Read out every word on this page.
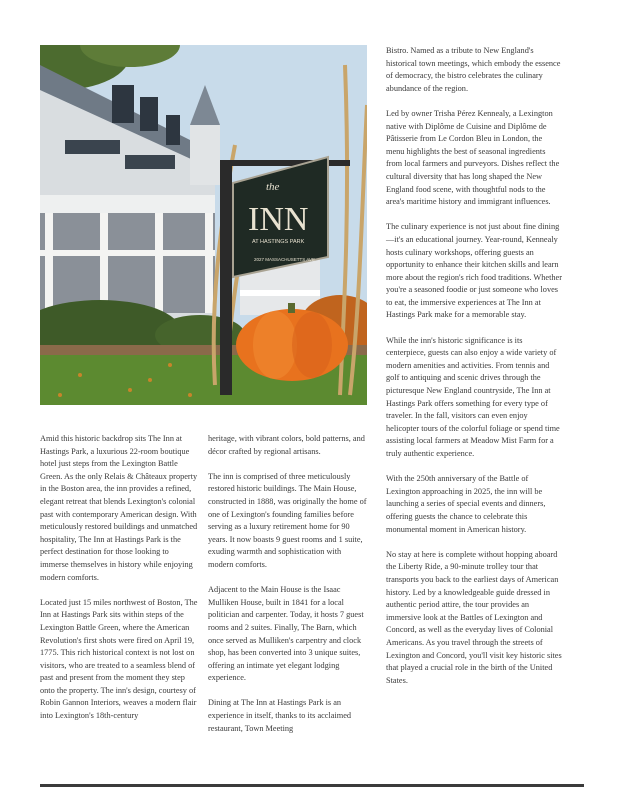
the
INN
AT HASTINGS PARK
2027 MASSACHUSETTS AVE

Amid this historic backdrop sits The Inn at Hastings Park, a luxurious 22-room boutique hotel just steps from the Lexington Battle Green. As the only Relais & Châteaux property in the Boston area, the inn provides a refined, elegant retreat that blends Lexington's colonial past with contemporary American design. With meticulously restored buildings and unmatched hospitality, The Inn at Hastings Park is the perfect destination for those looking to immerse themselves in history while enjoying modern comforts.

Located just 15 miles northwest of Boston, The Inn at Hastings Park sits within steps of the Lexington Battle Green, where the American Revolution's first shots were fired on April 19, 1775. This rich historical context is not lost on visitors, who are treated to a seamless blend of past and present from the moment they step onto the property. The inn's design, courtesy of Robin Gannon Interiors, weaves a modern flair into Lexington's 18th-century

heritage, with vibrant colors, bold patterns, and décor crafted by regional artisans.

The inn is comprised of three meticulously restored historic buildings. The Main House, constructed in 1888, was originally the home of one of Lexington's founding families before serving as a luxury retirement home for 90 years. It now boasts 9 guest rooms and 1 suite, exuding warmth and sophistication with modern comforts.

Adjacent to the Main House is the Isaac Mulliken House, built in 1841 for a local politician and carpenter. Today, it hosts 7 guest rooms and 2 suites. Finally, The Barn, which once served as Mulliken's carpentry and clock shop, has been converted into 3 unique suites, offering an intimate yet elegant lodging experience.

Dining at The Inn at Hastings Park is an experience in itself, thanks to its acclaimed restaurant, Town Meeting

Bistro. Named as a tribute to New England's historical town meetings, which embody the essence of democracy, the bistro celebrates the culinary abundance of the region.

Led by owner Trisha Pérez Kennealy, a Lexington native with Diplôme de Cuisine and Diplôme de Pâtisserie from Le Cordon Bleu in London, the menu highlights the best of seasonal ingredients from local farmers and purveyors. Dishes reflect the cultural diversity that has long shaped the New England food scene, with thoughtful nods to the area's maritime history and immigrant influences.

The culinary experience is not just about fine dining—it's an educational journey. Year-round, Kennealy hosts culinary workshops, offering guests an opportunity to enhance their kitchen skills and learn more about the region's rich food traditions. Whether you're a seasoned foodie or just someone who loves to eat, the immersive experiences at The Inn at Hastings Park make for a memorable stay.

While the inn's historic significance is its centerpiece, guests can also enjoy a wide variety of modern amenities and activities. From tennis and golf to antiquing and scenic drives through the picturesque New England countryside, The Inn at Hastings Park offers something for every type of traveler. In the fall, visitors can even enjoy helicopter tours of the colorful foliage or spend time assisting local farmers at Meadow Mist Farm for a truly authentic experience.

With the 250th anniversary of the Battle of Lexington approaching in 2025, the inn will be launching a series of special events and dinners, offering guests the chance to celebrate this monumental moment in American history.

No stay at here is complete without hopping aboard the Liberty Ride, a 90-minute trolley tour that transports you back to the earliest days of American history. Led by a knowledgeable guide dressed in authentic period attire, the tour provides an immersive look at the Battles of Lexington and Concord, as well as the everyday lives of Colonial Americans. As you travel through the streets of Lexington and Concord, you'll visit key historic sites that played a crucial role in the birth of the United States.
